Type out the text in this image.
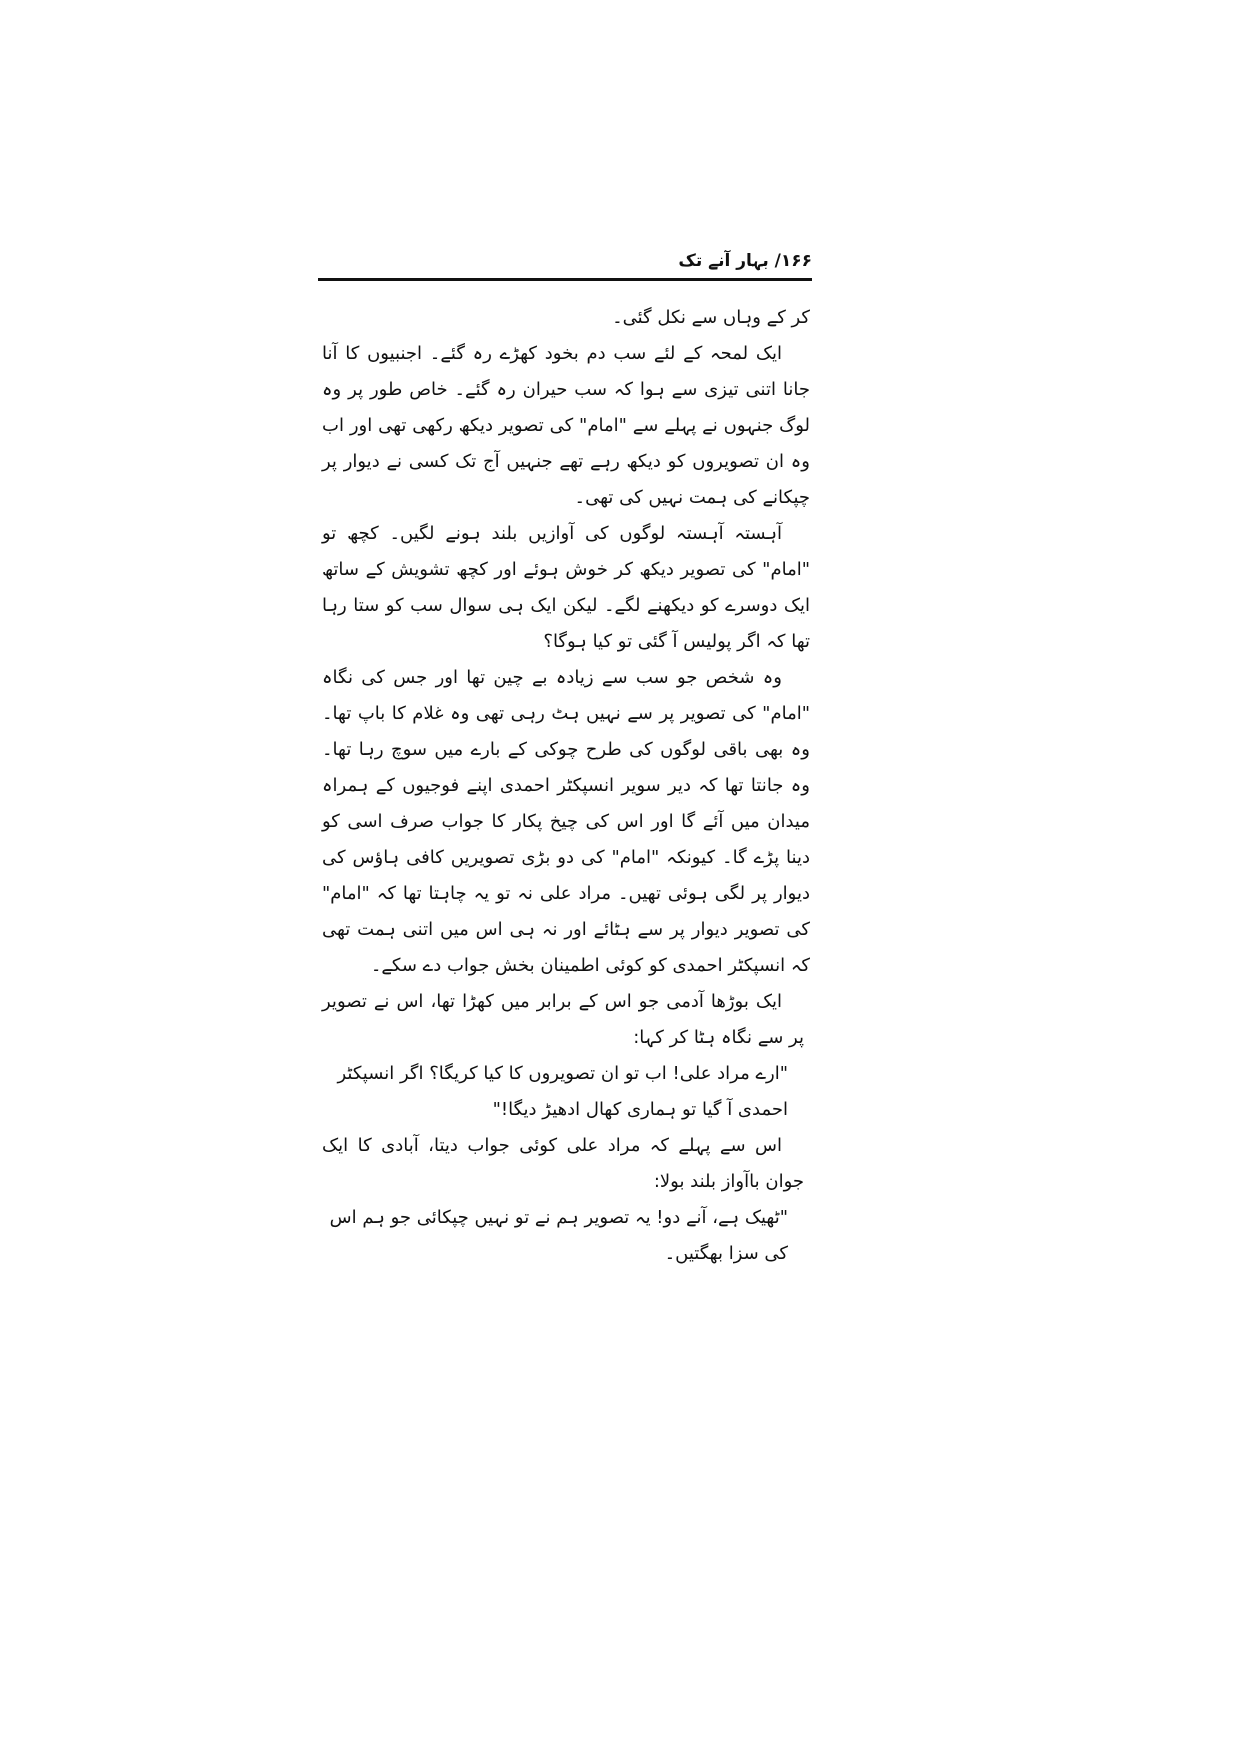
۱۶۶/ بہار آنے تک

کر کے وہاں سے نکل گئی۔

ایک لمحہ کے لئے سب دم بخود کھڑے رہ گئے۔ اجنبیوں کا آنا جانا اتنی تیزی سے ہوا کہ سب حیران رہ گئے۔ خاص طور پر وہ لوگ جنہوں نے پہلے سے "امام" کی تصویر دیکھ رکھی تھی اور اب وہ ان تصویروں کو دیکھ رہے تھے جنہیں آج تک کسی نے دیوار پر چپکانے کی ہمت نہیں کی تھی۔

آہستہ آہستہ لوگوں کی آوازیں بلند ہونے لگیں۔ کچھ تو "امام" کی تصویر دیکھ کر خوش ہوئے اور کچھ تشویش کے ساتھ ایک دوسرے کو دیکھنے لگے۔ لیکن ایک ہی سوال سب کو ستا رہا تھا کہ اگر پولیس آ گئی تو کیا ہوگا؟

وہ شخص جو سب سے زیادہ بے چین تھا اور جس کی نگاہ "امام" کی تصویر پر سے نہیں ہٹ رہی تھی وہ غلام کا باپ تھا۔ وہ بھی باقی لوگوں کی طرح چوکی کے بارے میں سوچ رہا تھا۔ وہ جانتا تھا کہ دیر سویر انسپکٹر احمدی اپنے فوجیوں کے ہمراہ میدان میں آئے گا اور اس کی چیخ پکار کا جواب صرف اسی کو دینا پڑے گا۔ کیونکہ "امام" کی دو بڑی تصویریں کافی ہاؤس کی دیوار پر لگی ہوئی تھیں۔ مراد علی نہ تو یہ چاہتا تھا کہ "امام" کی تصویر دیوار پر سے ہٹائے اور نہ ہی اس میں اتنی ہمت تھی کہ انسپکٹر احمدی کو کوئی اطمینان بخش جواب دے سکے۔

ایک بوڑھا آدمی جو اس کے برابر میں کھڑا تھا، اس نے تصویر پر سے نگاہ ہٹا کر کہا:

"ارے مراد علی! اب تو ان تصویروں کا کیا کریگا؟ اگر انسپکٹر احمدی آ گیا تو ہماری کھال ادھیڑ دیگا!"

اس سے پہلے کہ مراد علی کوئی جواب دیتا، آبادی کا ایک جوان باآواز بلند بولا:

"ٹھیک ہے، آنے دو! یہ تصویر ہم نے تو نہیں چپکائی جو ہم اس کی سزا بھگتیں۔
